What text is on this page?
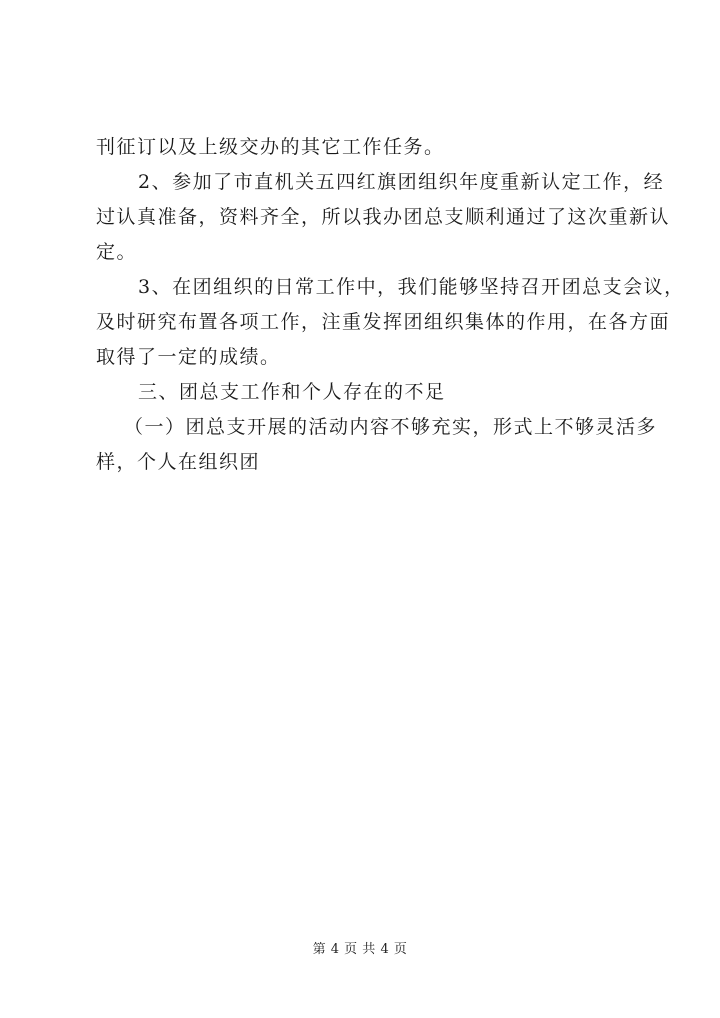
刊征订以及上级交办的其它工作任务。
2、参加了市直机关五四红旗团组织年度重新认定工作，经
过认真准备，资料齐全，所以我办团总支顺利通过了这次重新认
定。
3、在团组织的日常工作中，我们能够坚持召开团总支会议，
及时研究布置各项工作，注重发挥团组织集体的作用，在各方面
取得了一定的成绩。
三、团总支工作和个人存在的不足
（一）团总支开展的活动内容不够充实，形式上不够灵活多
样，个人在组织团
第 4 页 共 4 页
